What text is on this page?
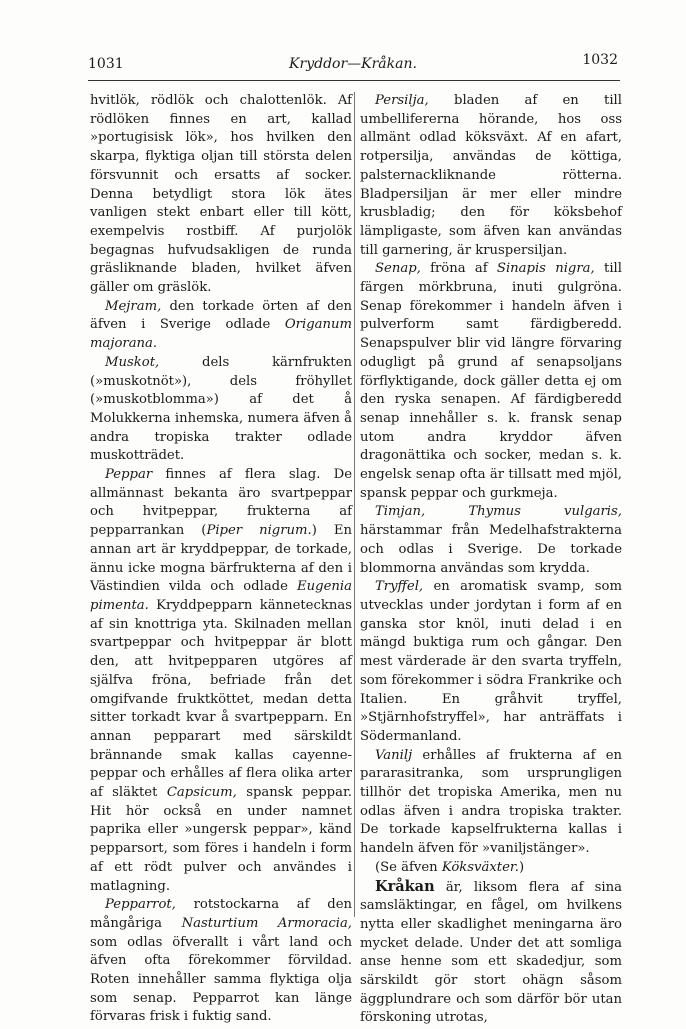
1031	Kryddor—Kråkan.	1032

hvitlök, rödlök och chalottenlök. Af rödlöken finnes en art, kallad »portugisisk lök», hos hvilken den skarpa, flyktiga oljan till största delen försvunnit och ersatts af socker. Denna betydligt stora lök ätes vanligen stekt enbart eller till kött, exempelvis rostbiff. Af purjolök begagnas hufvudsakligen de runda gräsliknande bladen, hvilket äfven gäller om gräslök.

Mejram, den torkade örten af den äfven i Sverige odlade Origanum majorana.

Muskot, dels kärnfrukten (»muskotnöt»), dels fröhyllet (»muskotblomma») af det å Molukkerna inhemska, numera äfven å andra tropiska trakter odlade muskotträdet.

Peppar finnes af flera slag. De allmännast bekanta äro svartpeppar och hvitpeppar, frukterna af pepparrankan (Piper nigrum.) En annan art är kryddpeppar, de torkade, ännu icke mogna bärfrukterna af den i Västindien vilda och odlade Eugenia pimenta. Kryddpepparn kännetecknas af sin knottriga yta. Skilnaden mellan svartpeppar och hvitpeppar är blott den, att hvitpepparen utgöres af själfva fröna, befriade från det omgifvande fruktköttet, medan detta sitter torkadt kvar å svartpepparn. En annan pepparart med särskildt brännande smak kallas cayenne-peppar och erhålles af flera olika arter af släktet Capsicum, spansk peppar. Hit hör också en under namnet paprika eller »ungersk peppar», känd pepparsort, som föres i handeln i form af ett rödt pulver och användes i matlagning.

Pepparrot, rotstockarna af den mångåriga Nasturtium Armoracia, som odlas öfverallt i vårt land och äfven ofta förekommer förvildad. Roten innehåller samma flyktiga olja som senap. Pepparrot kan länge förvaras frisk i fuktig sand.

Persilja, bladen af en till umbellifererna hörande, hos oss allmänt odlad köksväxt. Af en afart, rotpersilja, användas de köttiga, palsternackliknande rötterna. Bladpersiljan är mer eller mindre krusbladig; den för köksbehof lämpligaste, som äfven kan användas till garnering, är kruspersiljan.

Senap, fröna af Sinapis nigra, till färgen mörkbruna, inuti gulgröna. Senap förekommer i handeln äfven i pulverform samt färdigberedd. Senapspulver blir vid längre förvaring odugligt på grund af senapsoljans förflyktigande, dock gäller detta ej om den ryska senapen. Af färdigberedd senap innehåller s. k. fransk senap utom andra kryddor äfven dragonättika och socker, medan s. k. engelsk senap ofta är tillsatt med mjöl, spansk peppar och gurkmeja.

Timjan,	Thymus vulgaris, härstammar från Medelhafstrakterna och odlas i Sverige. De torkade blommorna användas som krydda.

Tryffel, en aromatisk svamp, som utvecklas under jordytan i form af en ganska stor knöl, inuti delad i en mängd buktiga rum och gångar. Den mest värderade är den svarta tryffeln, som förekommer i södra Frankrike och Italien. En gråhvit tryffel, »Stjärnhofstryffel», har anträffats i Södermanland.

Vanilj erhålles af frukterna af en pararasitranka, som ursprungligen tillhör det tropiska Amerika, men nu odlas äfven i andra tropiska trakter. De torkade kapselfrukterna kallas i handeln äfven för »vaniljstänger».

(Se äfven Köksväxter.)

Kråkan är, liksom flera af sina samsläktingar, en fågel, om hvilkens nytta eller skadlighet meningarna äro mycket delade. Under det att somliga anse henne som ett skadedjur, som särskildt gör stort ohägn såsom äggplundrare och som därför bör utan förskoning utrotas,
